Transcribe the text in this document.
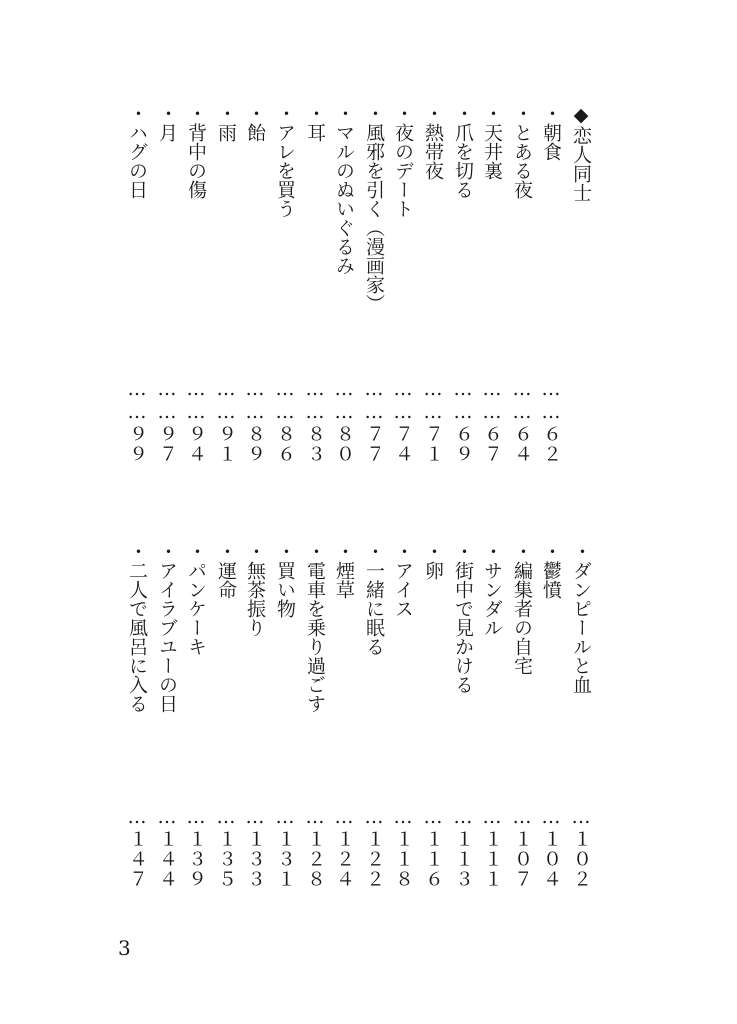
◆恋人同士
・朝食
……６２
・とある夜
……６４
・天井裏
……６７
・爪を切る
……６９
・熱帯夜
……７１
・夜のデート
……７４
・風邪を引く（漫画家）
……７７
・マルのぬいぐるみ
……８０
・耳
……８３
・アレを買う
……８６
・飴
……８９
・雨
……９１
・背中の傷
……９４
・月
……９７
・ハグの日
……９９
・ダンピールと血
…１０２
・鬱憤
…１０４
・編集者の自宅
…１０７
・サンダル
…１１１
・街中で見かける
…１１３
・卵
…１１６
・アイス
…１１８
・一緒に眠る
…１２２
・煙草
…１２４
・電車を乗り過ごす
…１２８
・買い物
…１３１
・無茶振り
…１３３
・運命
…１３５
・パンケーキ
…１３９
・アイラブユーの日
…１４４
・二人で風呂に入る
…１４７
3
